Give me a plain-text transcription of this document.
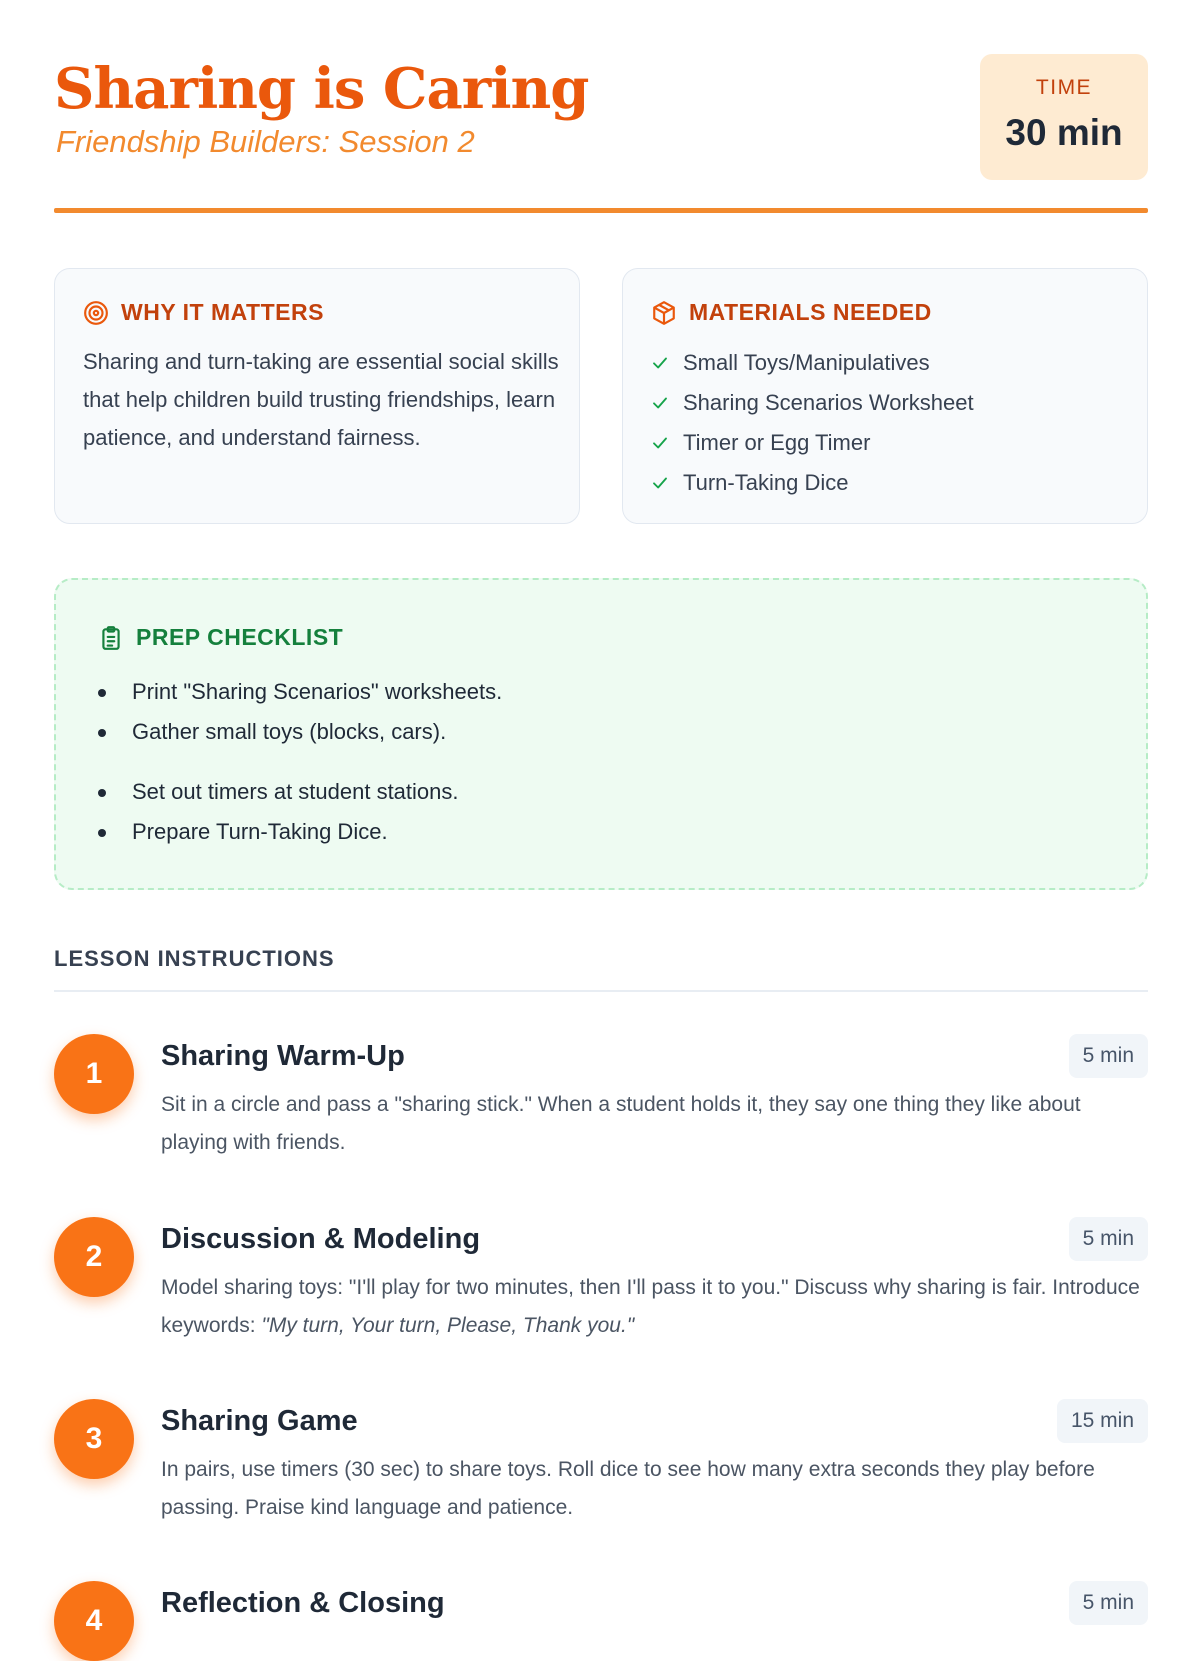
Sharing is Caring
Friendship Builders: Session 2
TIME
30 min
WHY IT MATTERS

Sharing and turn-taking are essential social skills that help children build trusting friendships, learn patience, and understand fairness.

MATERIALS NEEDED
Small Toys/Manipulatives
Sharing Scenarios Worksheet
Timer or Egg Timer
Turn-Taking Dice
PREP CHECKLIST
Print "Sharing Scenarios" worksheets.
Gather small toys (blocks, cars).
Set out timers at student stations.
Prepare Turn-Taking Dice.
LESSON INSTRUCTIONS
1
Sharing Warm-Up	5 min

Sit in a circle and pass a "sharing stick." When a student holds it, they say one thing they like about playing with friends.

2
Discussion & Modeling	5 min

Model sharing toys: "I'll play for two minutes, then I'll pass it to you." Discuss why sharing is fair. Introduce keywords: "My turn, Your turn, Please, Thank you."

3
Sharing Game	15 min

In pairs, use timers (30 sec) to share toys. Roll dice to see how many extra seconds they play before passing. Praise kind language and patience.

4
Reflection & Closing	5 min
